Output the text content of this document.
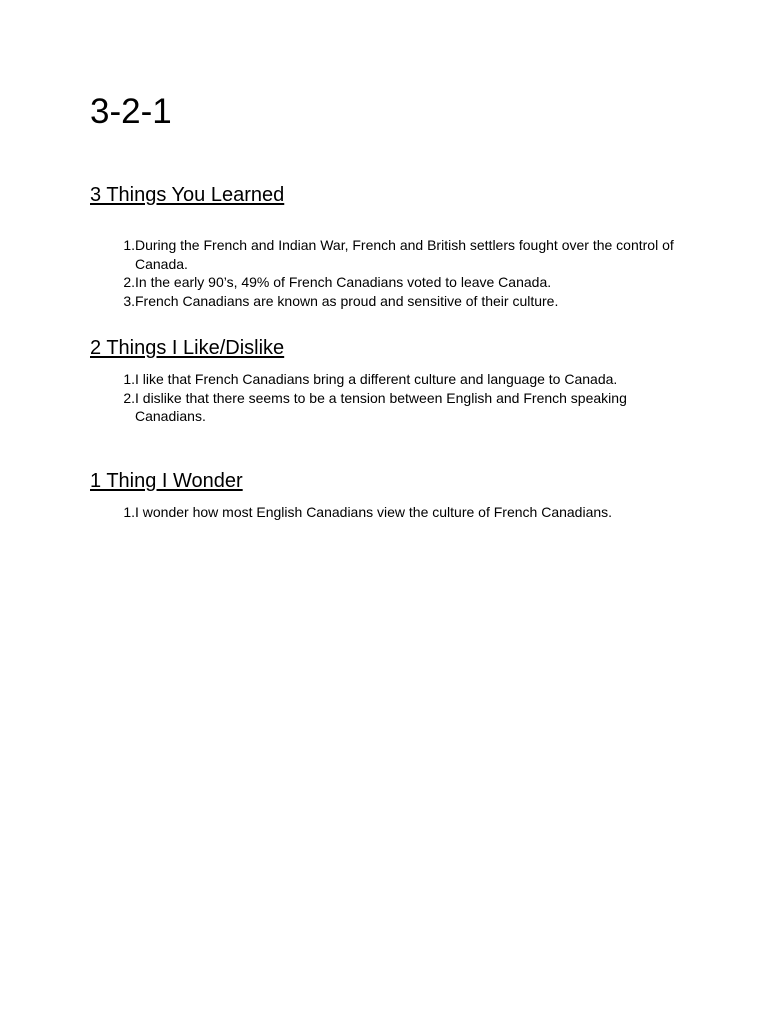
3-2-1
3 Things You Learned
1. During the French and Indian War, French and British settlers fought over the control of Canada.
2. In the early 90’s, 49% of French Canadians voted to leave Canada.
3. French Canadians are known as proud and sensitive of their culture.
2 Things I Like/Dislike
1. I like that French Canadians bring a different culture and language to Canada.
2. I dislike that there seems to be a tension between English and French speaking Canadians.
1 Thing I Wonder
1. I wonder how most English Canadians view the culture of French Canadians.
